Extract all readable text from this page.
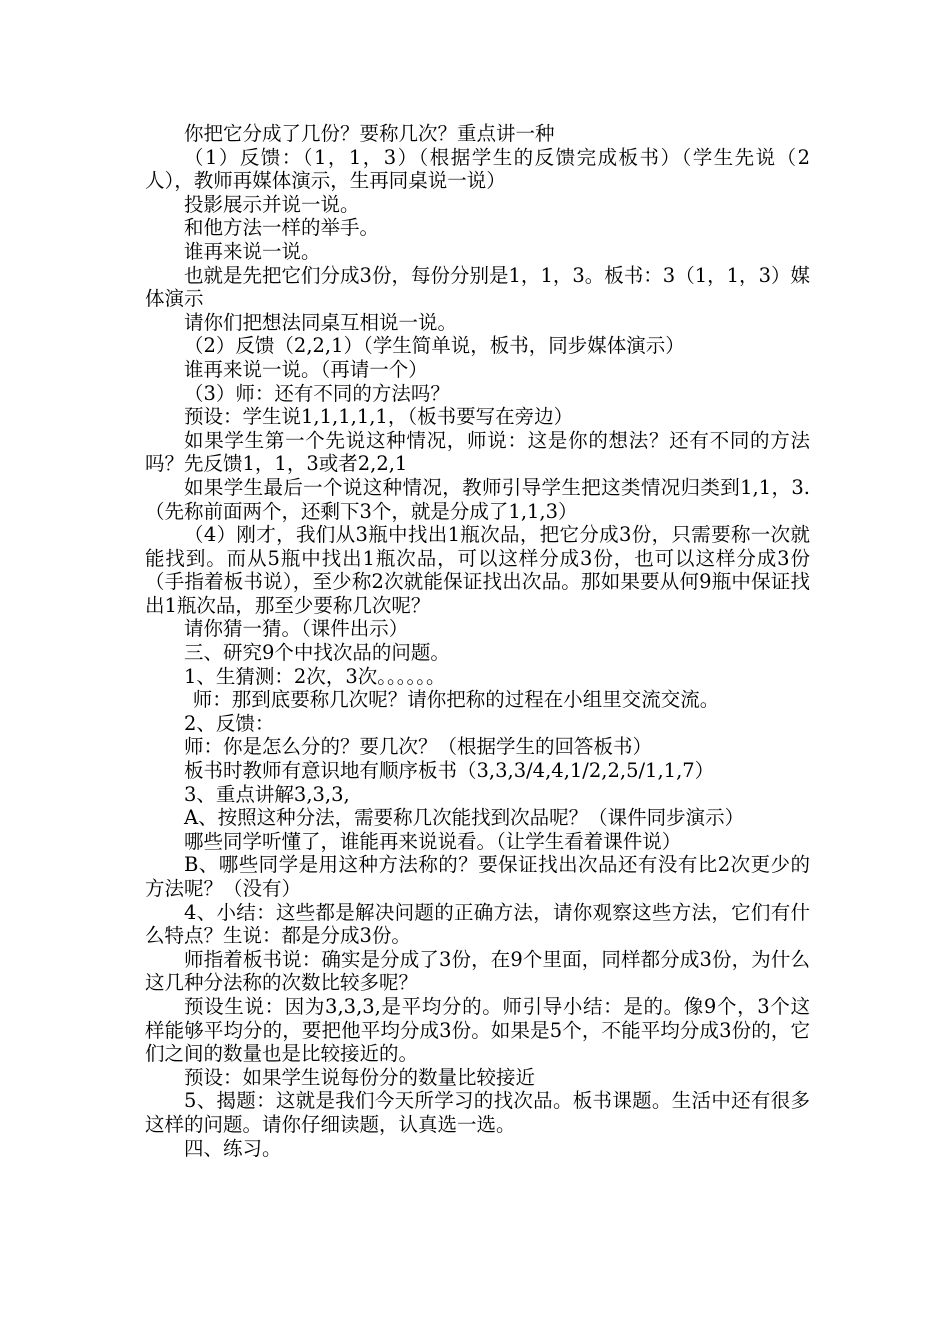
你把它分成了几份？要称几次？重点讲一种

（1）反馈：（1，1，3）（根据学生的反馈完成板书）（学生先说（2人），教师再媒体演示，生再同桌说一说）

投影展示并说一说。

和他方法一样的举手。

谁再来说一说。

也就是先把它们分成3份，每份分别是1，1，3。板书：3（1，1，3）媒体演示

请你们把想法同桌互相说一说。

（2）反馈（2,2,1）（学生简单说，板书，同步媒体演示）

谁再来说一说。（再请一个）

（3）师：还有不同的方法吗？

预设：学生说1,1,1,1,1，（板书要写在旁边）

如果学生第一个先说这种情况，师说：这是你的想法？还有不同的方法吗？先反馈1，1，3或者2,2,1

如果学生最后一个说这种情况，教师引导学生把这类情况归类到1,1，3.（先称前面两个，还剩下3个，就是分成了1,1,3）

（4）刚才，我们从3瓶中找出1瓶次品，把它分成3份，只需要称一次就能找到。而从5瓶中找出1瓶次品，可以这样分成3份，也可以这样分成3份（手指着板书说），至少称2次就能保证找出次品。那如果要从何9瓶中保证找出1瓶次品，那至少要称几次呢？

请你猜一猜。（课件出示）

三、研究9个中找次品的问题。

1、生猜测：2次，3次。。。。。。

师：那到底要称几次呢？请你把称的过程在小组里交流交流。

2、反馈：

师：你是怎么分的？要几次？（根据学生的回答板书）

板书时教师有意识地有顺序板书（3,3,3/4,4,1/2,2,5/1,1,7）

3、重点讲解3,3,3,

A、按照这种分法，需要称几次能找到次品呢？（课件同步演示）

哪些同学听懂了，谁能再来说说看。（让学生看着课件说）

B、哪些同学是用这种方法称的？要保证找出次品还有没有比2次更少的方法呢？（没有）

4、小结：这些都是解决问题的正确方法，请你观察这些方法，它们有什么特点？生说：都是分成3份。

师指着板书说：确实是分成了3份，在9个里面，同样都分成3份，为什么这几种分法称的次数比较多呢？

预设生说：因为3,3,3,是平均分的。师引导小结：是的。像9个，3个这样能够平均分的，要把他平均分成3份。如果是5个，不能平均分成3份的，它们之间的数量也是比较接近的。

预设：如果学生说每份分的数量比较接近

5、揭题：这就是我们今天所学习的找次品。板书课题。生活中还有很多这样的问题。请你仔细读题，认真选一选。

四、练习。
